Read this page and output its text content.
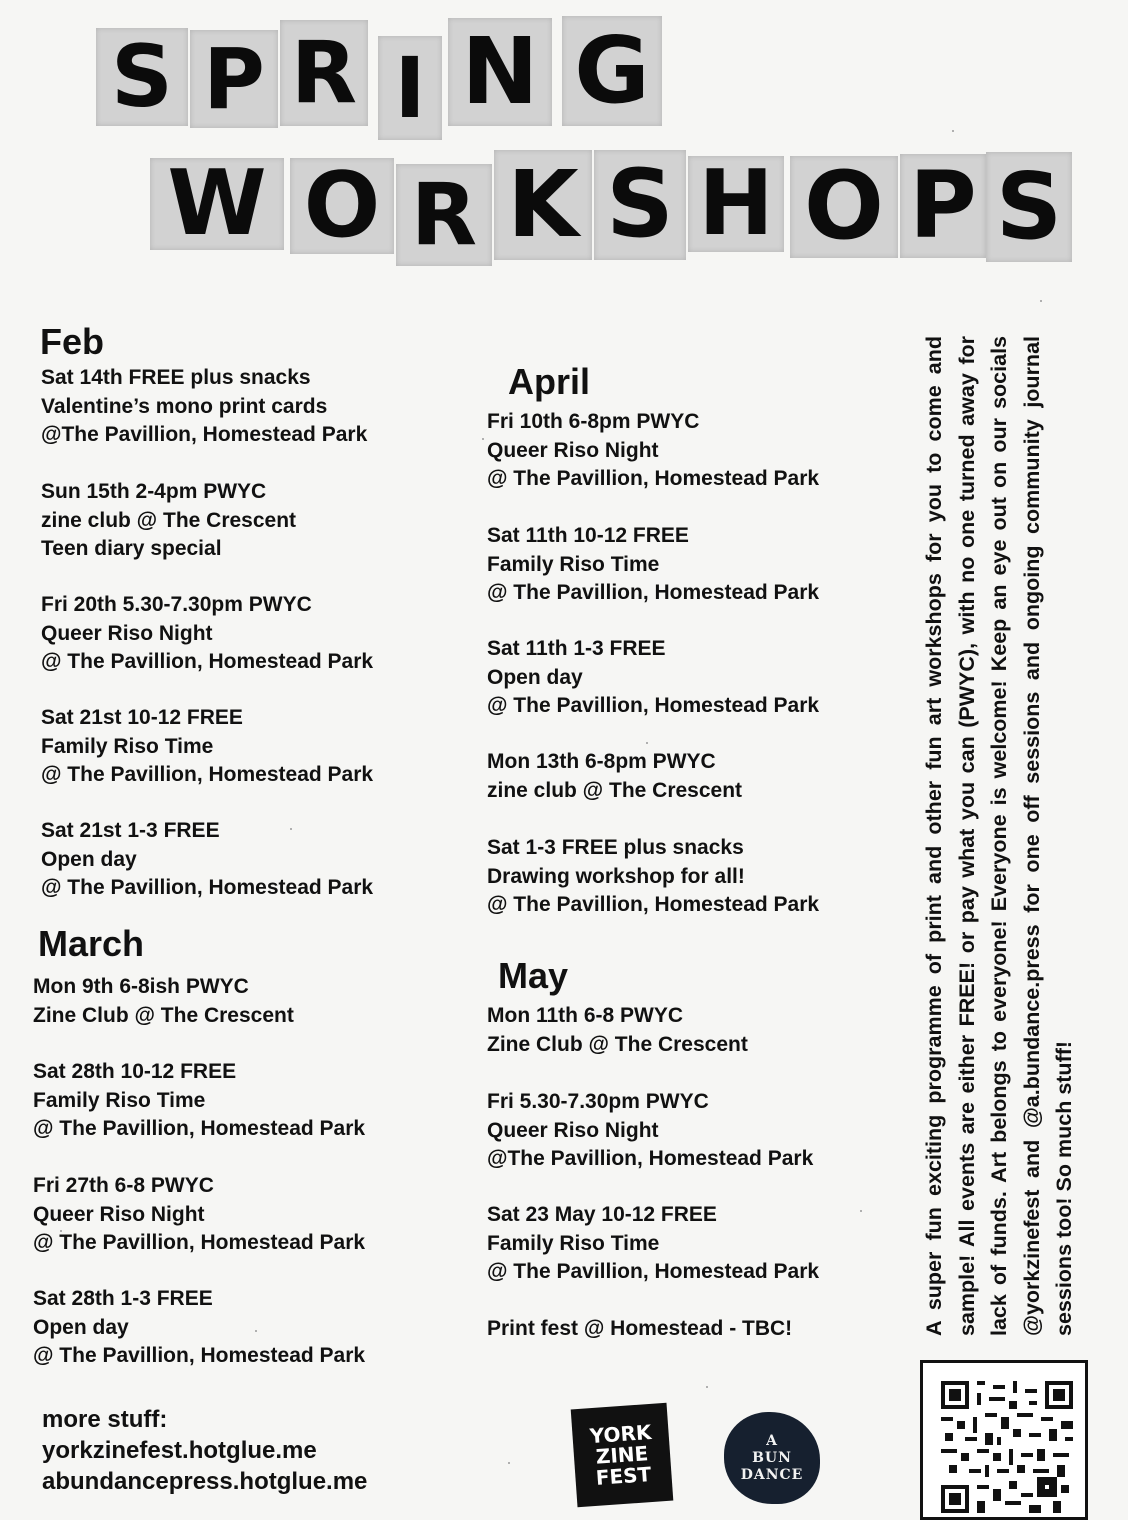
S P R I N G
W O R K S H O P S
Feb
Sat 14th FREE plus snacks
Valentine’s mono print cards
@The Pavillion, Homestead Park
Sun 15th 2-4pm PWYC
zine club @ The Crescent
Teen diary special
Fri 20th 5.30-7.30pm PWYC
Queer Riso Night
@ The Pavillion, Homestead Park
Sat 21st 10-12 FREE
Family Riso Time
@ The Pavillion, Homestead Park
Sat 21st 1-3 FREE
Open day
@ The Pavillion, Homestead Park
March
Mon 9th 6-8ish PWYC
Zine Club @ The Crescent
Sat 28th 10-12 FREE
Family Riso Time
@ The Pavillion, Homestead Park
Fri 27th 6-8 PWYC
Queer Riso Night
@ The Pavillion, Homestead Park
Sat 28th 1-3 FREE
Open day
@ The Pavillion, Homestead Park
April
Fri 10th 6-8pm PWYC
Queer Riso Night
@ The Pavillion, Homestead Park
Sat 11th 10-12 FREE
Family Riso Time
@ The Pavillion, Homestead Park
Sat 11th 1-3 FREE
Open day
@ The Pavillion, Homestead Park
Mon 13th 6-8pm PWYC
zine club @ The Crescent
Sat 1-3 FREE plus snacks
Drawing workshop for all!
@ The Pavillion, Homestead Park
May
Mon 11th 6-8 PWYC
Zine Club @ The Crescent
Fri 5.30-7.30pm PWYC
Queer Riso Night
@The Pavillion, Homestead Park
Sat 23 May 10-12 FREE
Family Riso Time
@ The Pavillion, Homestead Park
Print fest @ Homestead - TBC!	A super fun exciting programme of print and other fun art workshops for you to come and sample! All events are either FREE! or pay what you can (PWYC), with no one turned away for lack of funds. Art belongs to everyone! Everyone is welcome! Keep an eye out on our socials @yorkzinefest and @a.bundance.press for one off sessions and ongoing community journal sessions too! So much stuff!
more stuff:
yorkzinefest.hotglue.me
abundancepress.hotglue.me
YORK
ZINE
FEST
A
BUN
DANCE
